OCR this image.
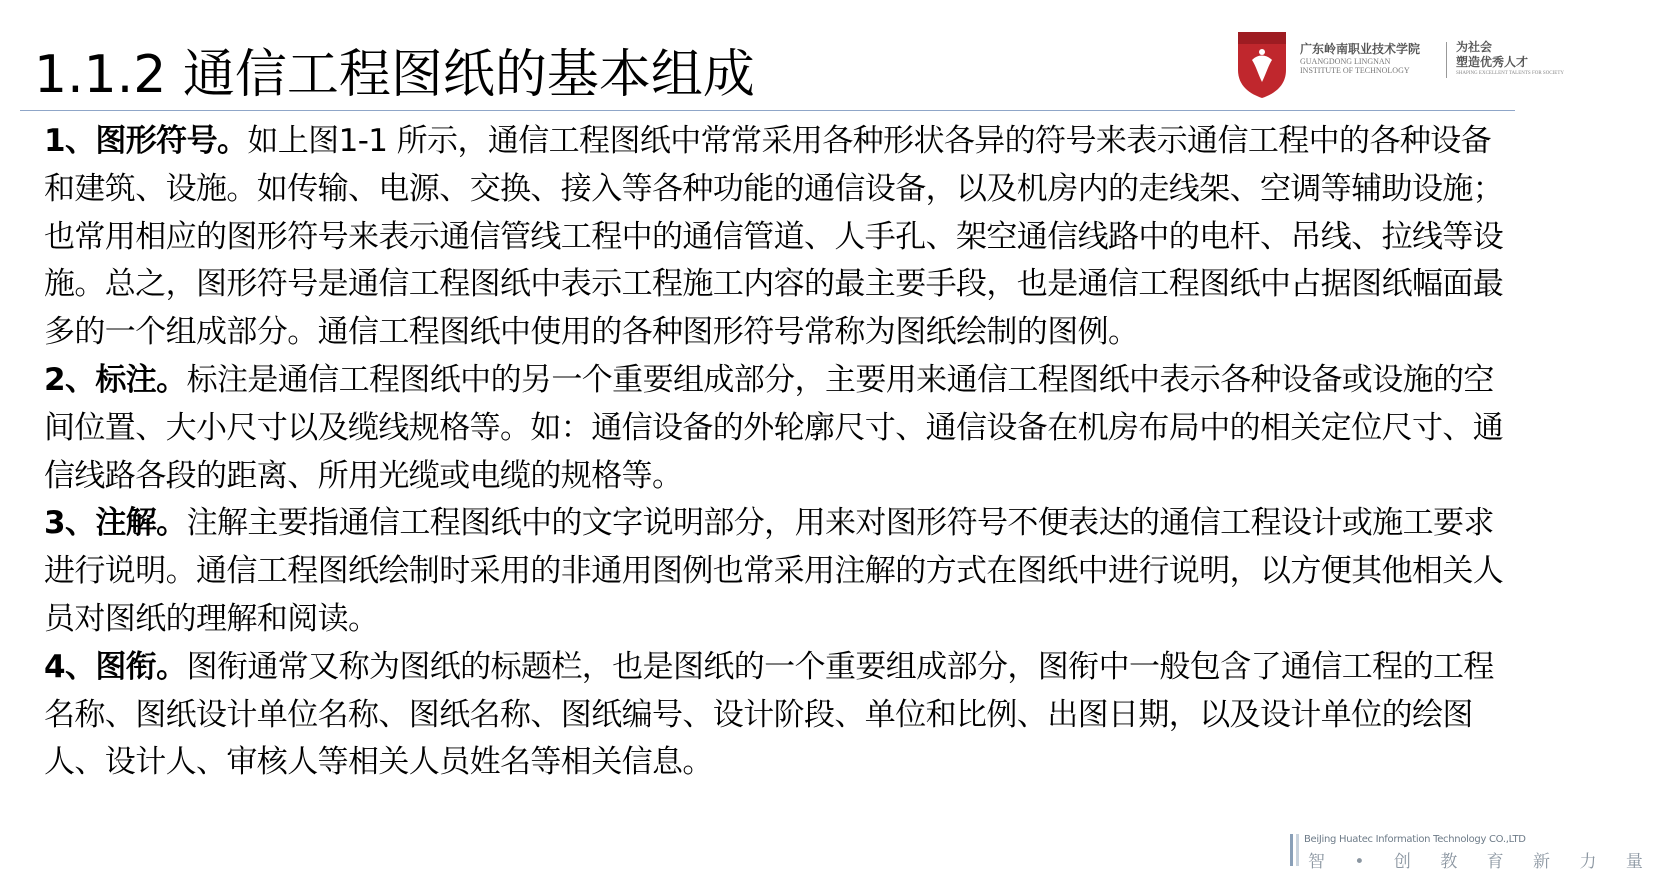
1.1.2 通信工程图纸的基本组成	广东岭南职业技术学院
GUANGDONG LINGNAN
INSTITUTE OF TECHNOLOGY
为社会
塑造优秀人才
SHAPING EXCELLENT TALENTS FOR SOCIETY

1、图形符号。如上图1-1 所示，通信工程图纸中常常采用各种形状各异的符号来表示通信工程中的各种设备和建筑、设施。如传输、电源、交换、接入等各种功能的通信设备，以及机房内的走线架、空调等辅助设施；也常用相应的图形符号来表示通信管线工程中的通信管道、人手孔、架空通信线路中的电杆、吊线、拉线等设施。总之，图形符号是通信工程图纸中表示工程施工内容的最主要手段，也是通信工程图纸中占据图纸幅面最多的一个组成部分。通信工程图纸中使用的各种图形符号常称为图纸绘制的图例。

2、标注。标注是通信工程图纸中的另一个重要组成部分，主要用来通信工程图纸中表示各种设备或设施的空间位置、大小尺寸以及缆线规格等。如：通信设备的外轮廓尺寸、通信设备在机房布局中的相关定位尺寸、通信线路各段的距离、所用光缆或电缆的规格等。

3、注解。注解主要指通信工程图纸中的文字说明部分，用来对图形符号不便表达的通信工程设计或施工要求进行说明。通信工程图纸绘制时采用的非通用图例也常采用注解的方式在图纸中进行说明，以方便其他相关人员对图纸的理解和阅读。

4、图衔。图衔通常又称为图纸的标题栏，也是图纸的一个重要组成部分，图衔中一般包含了通信工程的工程名称、图纸设计单位名称、图纸名称、图纸编号、设计阶段、单位和比例、出图日期，以及设计单位的绘图人、设计人、审核人等相关人员姓名等相关信息。

BeiJing Huatec Information Technology CO.,LTD
智 • 创 教 育 新 力 量
